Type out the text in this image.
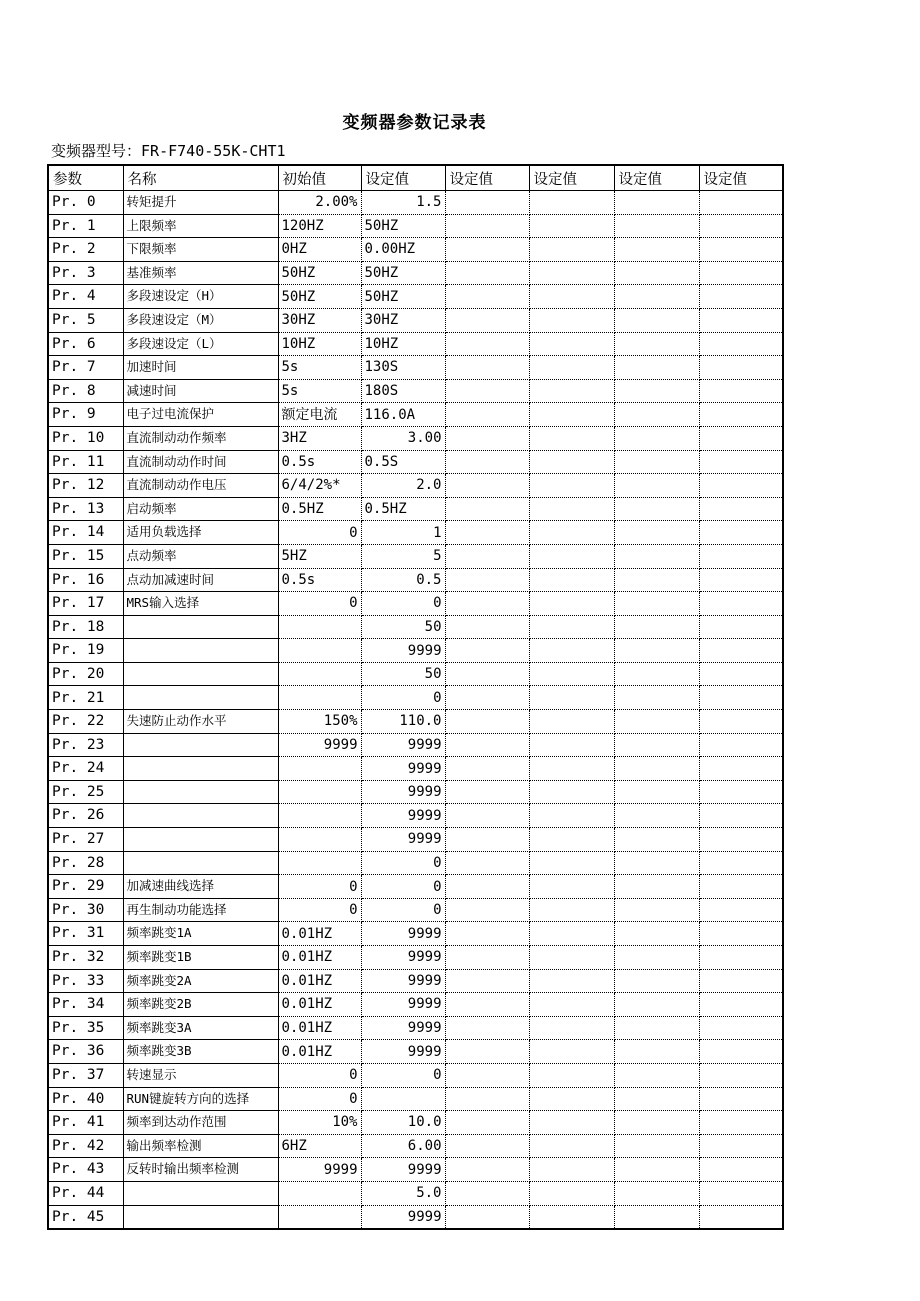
变频器参数记录表
变频器型号：FR-F740-55K-CHT1
参数	名称	初始值	设定值	设定值	设定值	设定值	设定值
Pr. 0	转矩提升	2.00%	1.5				
Pr. 1	上限频率	120HZ	50HZ				
Pr. 2	下限频率	0HZ	0.00HZ				
Pr. 3	基准频率	50HZ	50HZ				
Pr. 4	多段速设定（H）	50HZ	50HZ				
Pr. 5	多段速设定（M）	30HZ	30HZ				
Pr. 6	多段速设定（L）	10HZ	10HZ				
Pr. 7	加速时间	5s	130S				
Pr. 8	减速时间	5s	180S				
Pr. 9	电子过电流保护	额定电流	116.0A				
Pr. 10	直流制动动作频率	3HZ	3.00				
Pr. 11	直流制动动作时间	0.5s	0.5S				
Pr. 12	直流制动动作电压	6/4/2%*	2.0				
Pr. 13	启动频率	0.5HZ	0.5HZ				
Pr. 14	适用负载选择	0	1				
Pr. 15	点动频率	5HZ	5				
Pr. 16	点动加减速时间	0.5s	0.5				
Pr. 17	MRS输入选择	0	0				
Pr. 18			50				
Pr. 19			9999				
Pr. 20			50				
Pr. 21			0				
Pr. 22	失速防止动作水平	150%	110.0				
Pr. 23		9999	9999				
Pr. 24			9999				
Pr. 25			9999				
Pr. 26			9999				
Pr. 27			9999				
Pr. 28			0				
Pr. 29	加减速曲线选择	0	0				
Pr. 30	再生制动功能选择	0	0				
Pr. 31	频率跳变1A	0.01HZ	9999				
Pr. 32	频率跳变1B	0.01HZ	9999				
Pr. 33	频率跳变2A	0.01HZ	9999				
Pr. 34	频率跳变2B	0.01HZ	9999				
Pr. 35	频率跳变3A	0.01HZ	9999				
Pr. 36	频率跳变3B	0.01HZ	9999				
Pr. 37	转速显示	0	0				
Pr. 40	RUN键旋转方向的选择	0					
Pr. 41	频率到达动作范围	10%	10.0				
Pr. 42	输出频率检测	6HZ	6.00				
Pr. 43	反转时输出频率检测	9999	9999				
Pr. 44			5.0				
Pr. 45			9999				
